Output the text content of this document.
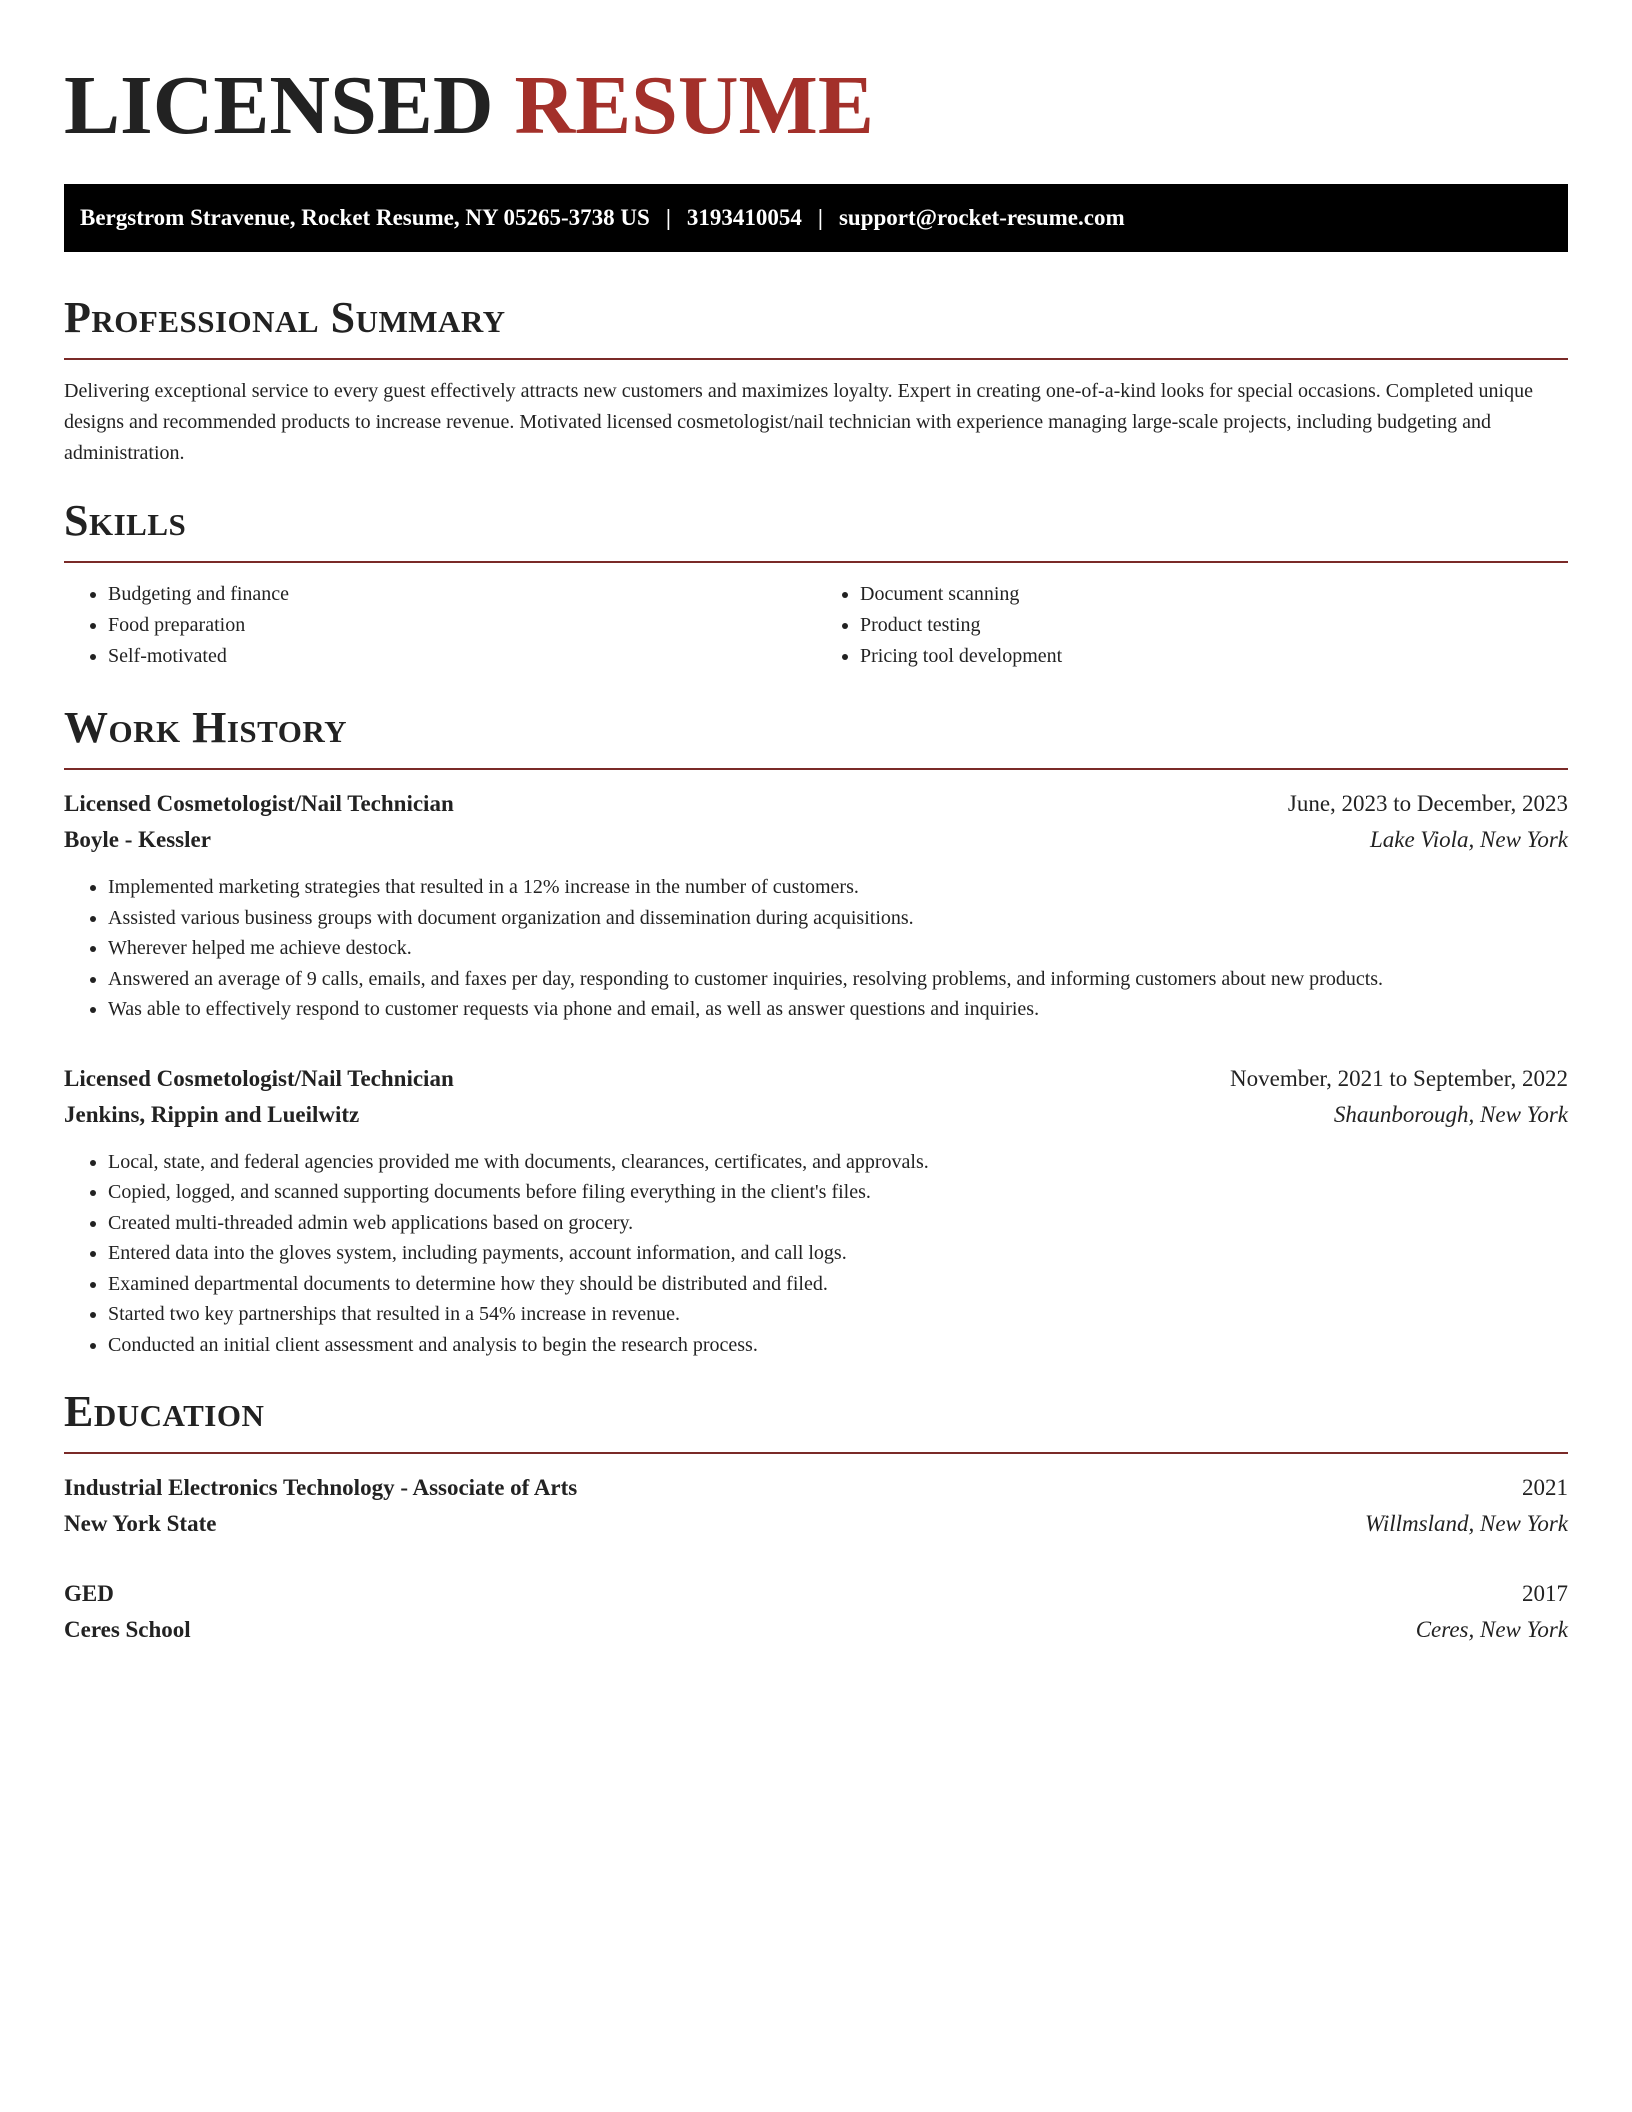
LICENSED RESUME
Bergstrom Stravenue, Rocket Resume, NY 05265-3738 US | 3193410054 | support@rocket-resume.com
Professional Summary

Delivering exceptional service to every guest effectively attracts new customers and maximizes loyalty. Expert in creating one-of-a-kind looks for special occasions. Completed unique designs and recommended products to increase revenue. Motivated licensed cosmetologist/nail technician with experience managing large-scale projects, including budgeting and administration.

Skills
• Budgeting and finance
• Food preparation
• Self-motivated
• Document scanning
• Product testing
• Pricing tool development
Work History
Licensed Cosmetologist/Nail Technician	June, 2023 to December, 2023
Boyle - Kessler	Lake Viola, New York
• Implemented marketing strategies that resulted in a 12% increase in the number of customers.
• Assisted various business groups with document organization and dissemination during acquisitions.
• Wherever helped me achieve destock.
• Answered an average of 9 calls, emails, and faxes per day, responding to customer inquiries, resolving problems, and informing customers about new products.
• Was able to effectively respond to customer requests via phone and email, as well as answer questions and inquiries.
Licensed Cosmetologist/Nail Technician	November, 2021 to September, 2022
Jenkins, Rippin and Lueilwitz	Shaunborough, New York
• Local, state, and federal agencies provided me with documents, clearances, certificates, and approvals.
• Copied, logged, and scanned supporting documents before filing everything in the client's files.
• Created multi-threaded admin web applications based on grocery.
• Entered data into the gloves system, including payments, account information, and call logs.
• Examined departmental documents to determine how they should be distributed and filed.
• Started two key partnerships that resulted in a 54% increase in revenue.
• Conducted an initial client assessment and analysis to begin the research process.
Education
Industrial Electronics Technology - Associate of Arts	2021
New York State	Willmsland, New York
GED	2017
Ceres School	Ceres, New York
